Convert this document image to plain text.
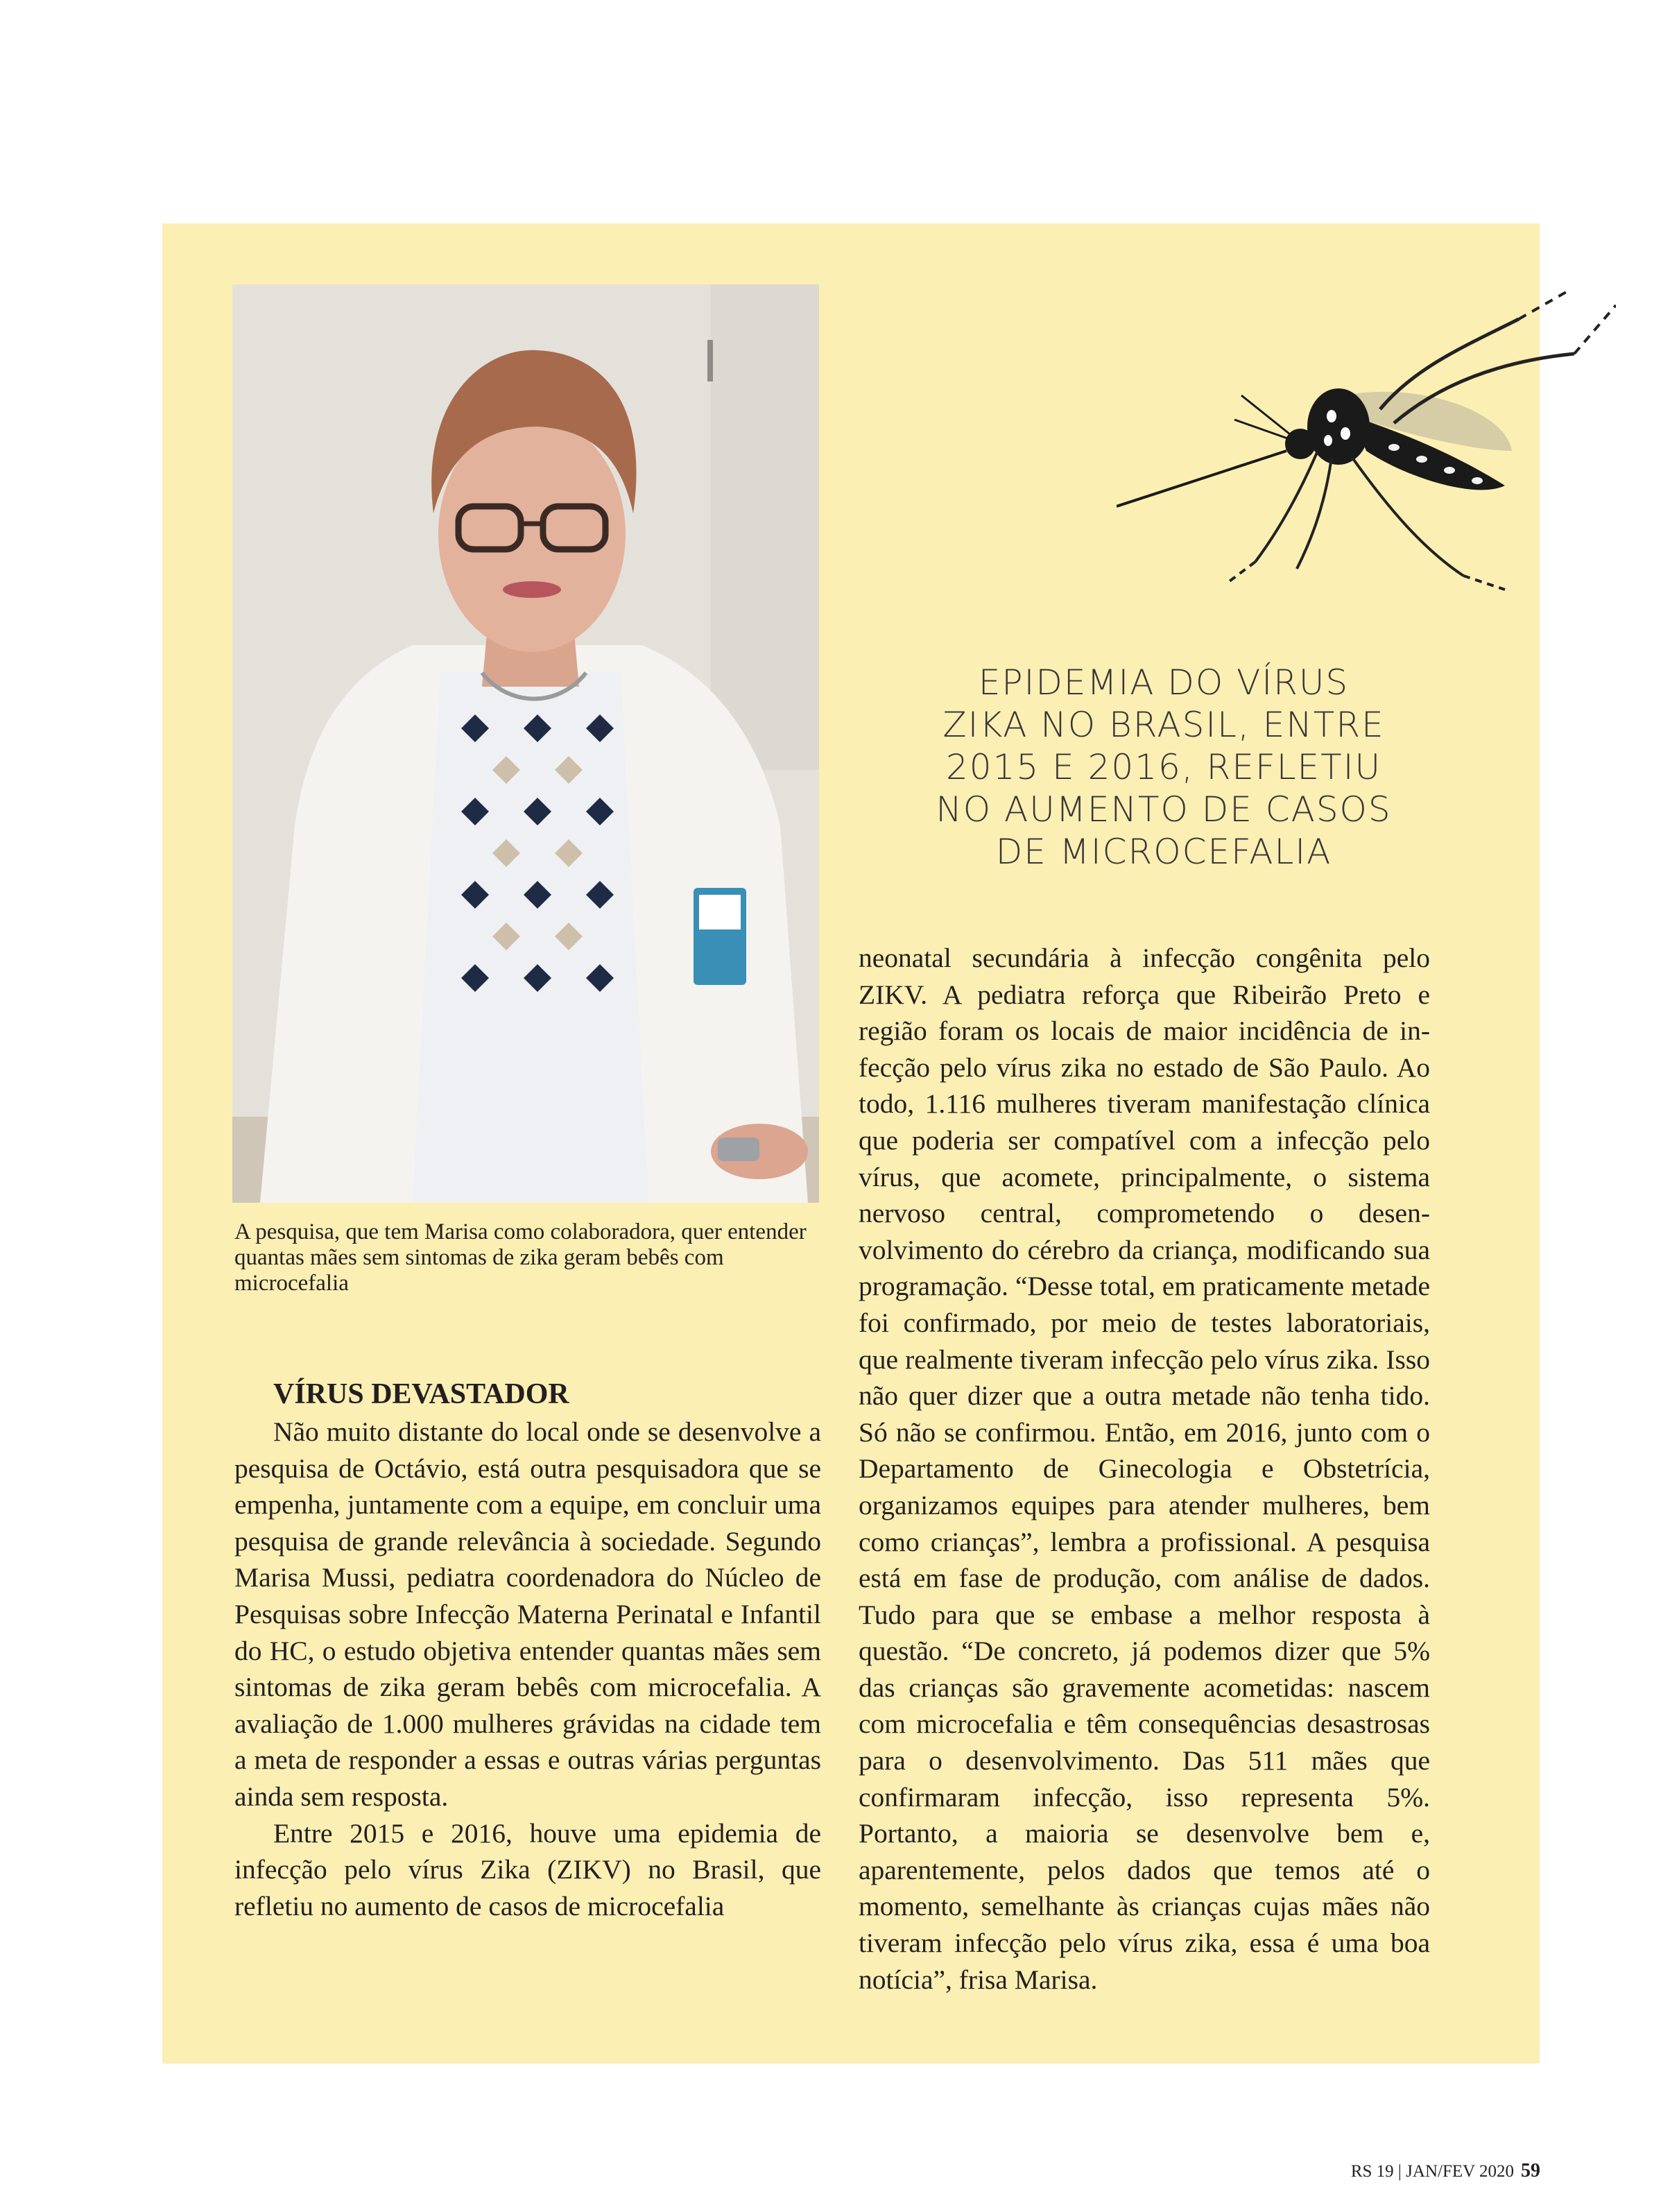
A pesquisa, que tem Marisa como colaboradora, quer entender quantas mães sem sintomas de zika geram bebês com microcefalia
EPIDEMIA DO VÍRUS
ZIKA NO BRASIL, ENTRE
2015 E 2016, REFLETIU
NO AUMENTO DE CASOS
DE MICROCEFALIA
VÍRUS DEVASTADOR

Não muito distante do local onde se desenvolve a pesquisa de Octávio, está outra pesquisadora que se empenha, juntamente com a equipe, em concluir uma pesquisa de grande relevância à sociedade. Segundo Marisa Mussi, pediatra coordenadora do Núcleo de Pesquisas sobre Infecção Materna Perinatal e Infantil do HC, o estudo objetiva entender quantas mães sem sintomas de zika geram bebês com microcefalia. A avaliação de 1.000 mulheres grávidas na cidade tem a meta de responder a essas e outras várias perguntas ainda sem resposta.

Entre 2015 e 2016, houve uma epidemia de infecção pelo vírus Zika (ZIKV) no Brasil, que refletiu no aumento de casos de microcefalia

neonatal secundária à infecção congênita pelo ZIKV. A pediatra reforça que Ribeirão Preto e região foram os locais de maior incidência de infecção pelo vírus zika no estado de São Paulo. Ao todo, 1.116 mulheres tiveram manifestação clínica que poderia ser compatível com a infecção pelo vírus, que acomete, principalmente, o sistema nervoso central, comprometendo o desenvolvimento do cérebro da criança, modificando sua programação. “Desse total, em praticamente metade foi confirmado, por meio de testes laboratoriais, que realmente tiveram infecção pelo vírus zika. Isso não quer dizer que a outra metade não tenha tido. Só não se confirmou. Então, em 2016, junto com o Departamento de Ginecologia e Obstetrícia, organizamos equipes para atender mulheres, bem como crianças”, lembra a profissional. A pesquisa está em fase de produção, com análise de dados. Tudo para que se embase a melhor resposta à questão. “De concreto, já podemos dizer que 5% das crianças são gravemente acometidas: nascem com microcefalia e têm consequências desastrosas para o desenvolvimento. Das 511 mães que confirmaram infecção, isso representa 5%. Portanto, a maioria se desenvolve bem e, aparentemente, pelos dados que temos até o momento, semelhante às crianças cujas mães não tiveram infecção pelo vírus zika, essa é uma boa notícia”, frisa Marisa.

RS 19 | JAN/FEV 2020 59
